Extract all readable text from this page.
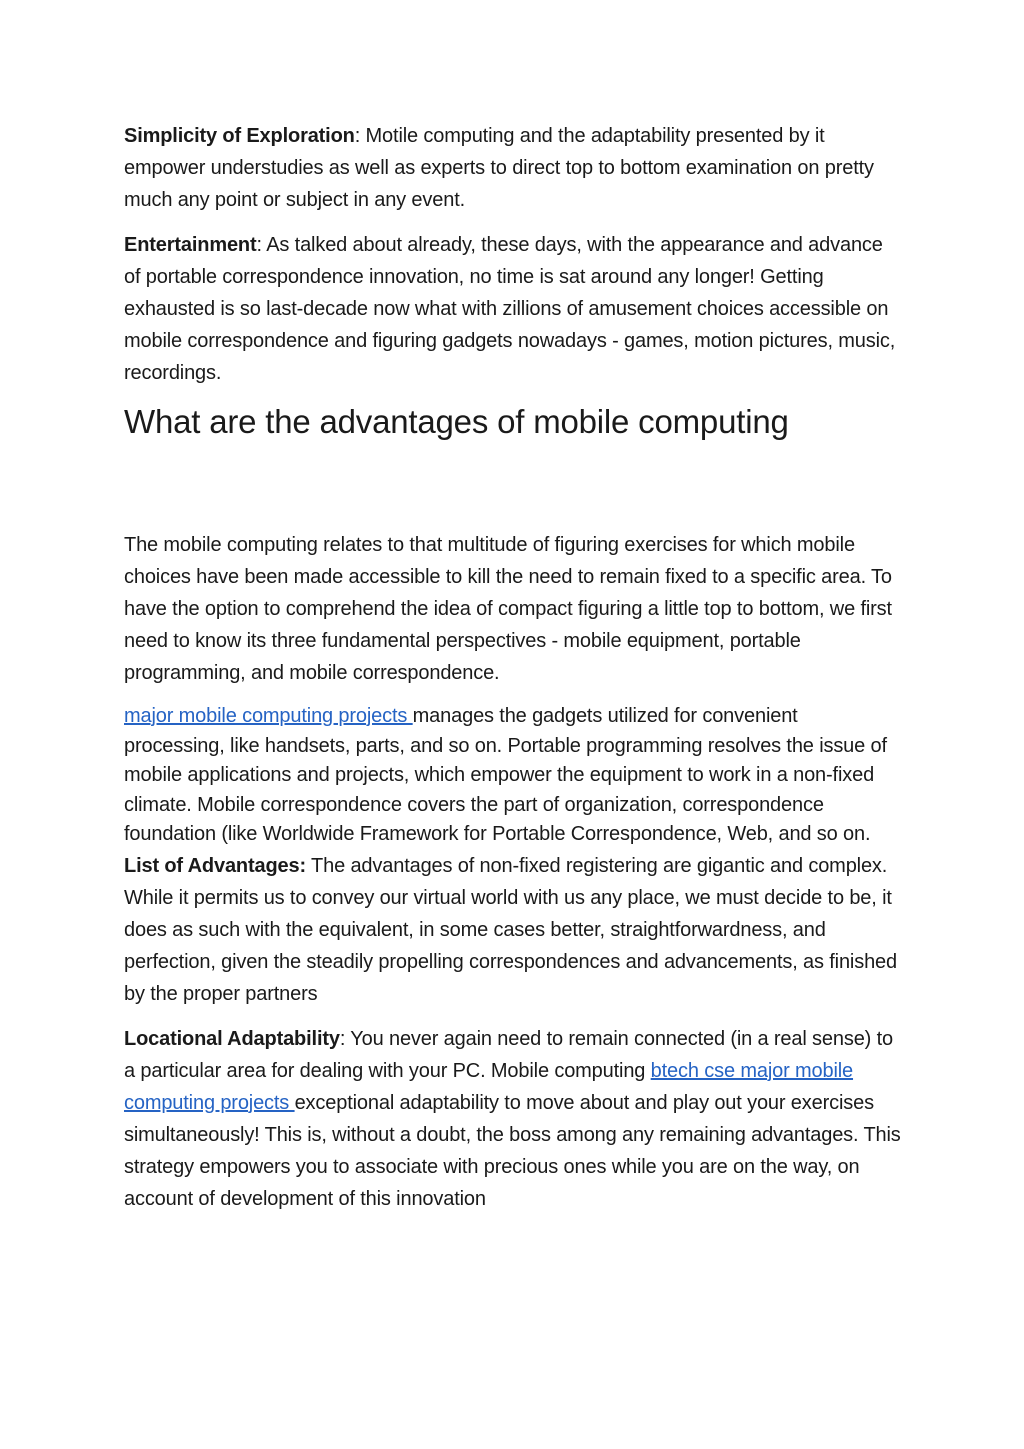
Simplicity of Exploration: Motile computing and the adaptability presented by it empower understudies as well as experts to direct top to bottom examination on pretty much any point or subject in any event.

Entertainment: As talked about already, these days, with the appearance and advance of portable correspondence innovation, no time is sat around any longer! Getting exhausted is so last-decade now what with zillions of amusement choices accessible on mobile correspondence and figuring gadgets nowadays - games, motion pictures, music, recordings.

What are the advantages of mobile computing

The mobile computing relates to that multitude of figuring exercises for which mobile choices have been made accessible to kill the need to remain fixed to a specific area. To have the option to comprehend the idea of compact figuring a little top to bottom, we first need to know its three fundamental perspectives - mobile equipment, portable programming, and mobile correspondence.

major mobile computing projects manages the gadgets utilized for convenient processing, like handsets, parts, and so on. Portable programming resolves the issue of mobile applications and projects, which empower the equipment to work in a non-fixed climate. Mobile correspondence covers the part of organization, correspondence foundation (like Worldwide Framework for Portable Correspondence, Web, and so on.

List of Advantages: The advantages of non-fixed registering are gigantic and complex. While it permits us to convey our virtual world with us any place, we must decide to be, it does as such with the equivalent, in some cases better, straightforwardness, and perfection, given the steadily propelling correspondences and advancements, as finished by the proper partners

Locational Adaptability: You never again need to remain connected (in a real sense) to a particular area for dealing with your PC. Mobile computing btech cse major mobile computing projects exceptional adaptability to move about and play out your exercises simultaneously! This is, without a doubt, the boss among any remaining advantages. This strategy empowers you to associate with precious ones while you are on the way, on account of development of this innovation
